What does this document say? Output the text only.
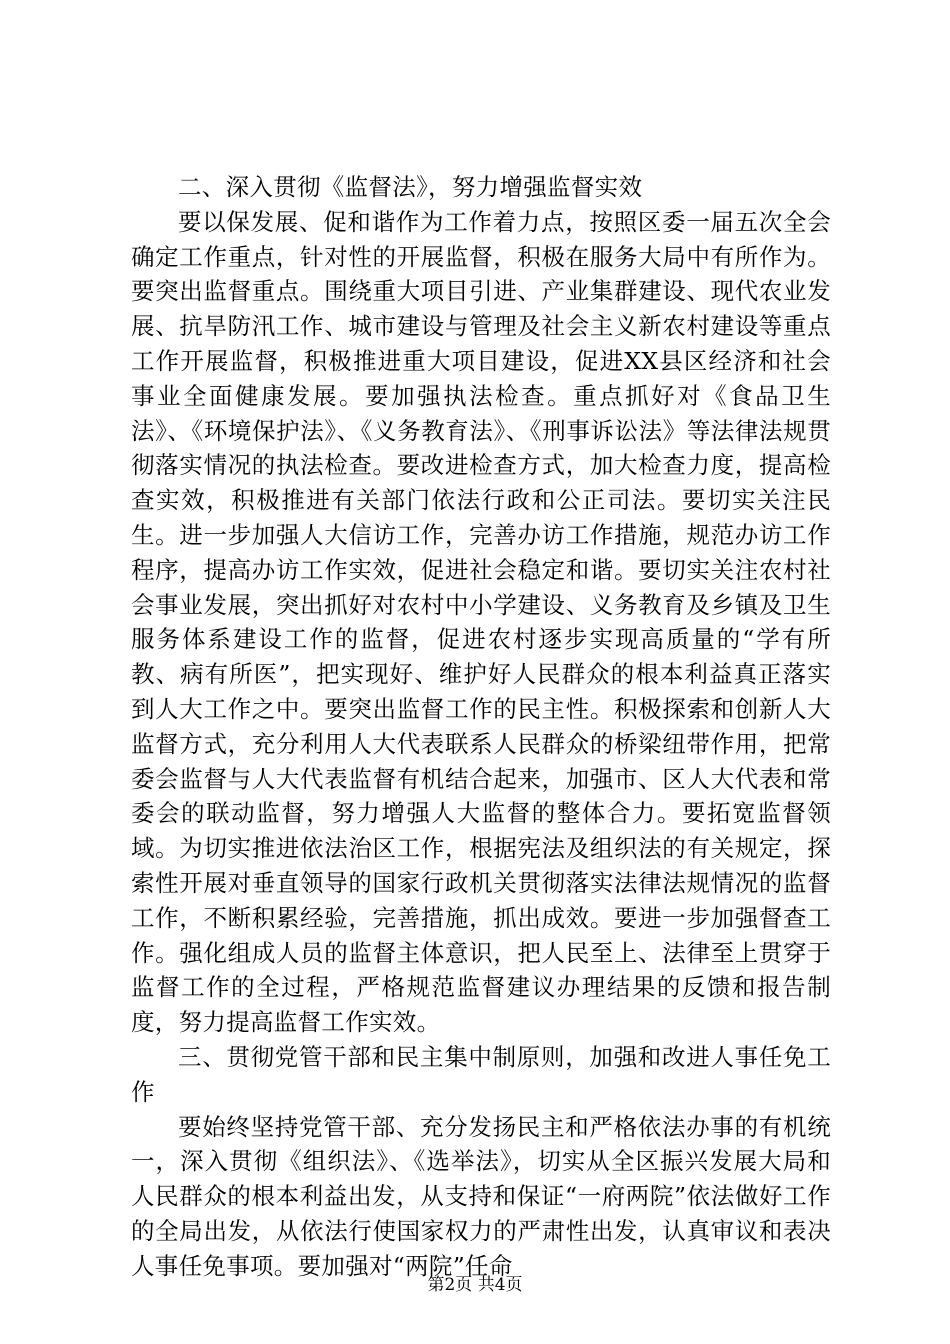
二、深入贯彻《监督法》，努力增强监督实效

要以保发展、促和谐作为工作着力点，按照区委一届五次全会确定工作重点，针对性的开展监督，积极在服务大局中有所作为。要突出监督重点。围绕重大项目引进、产业集群建设、现代农业发展、抗旱防汛工作、城市建设与管理及社会主义新农村建设等重点工作开展监督，积极推进重大项目建设，促进XX县区经济和社会事业全面健康发展。要加强执法检查。重点抓好对《食品卫生法》、《环境保护法》、《义务教育法》、《刑事诉讼法》等法律法规贯彻落实情况的执法检查。要改进检查方式，加大检查力度，提高检查实效，积极推进有关部门依法行政和公正司法。要切实关注民生。进一步加强人大信访工作，完善办访工作措施，规范办访工作程序，提高办访工作实效，促进社会稳定和谐。要切实关注农村社会事业发展，突出抓好对农村中小学建设、义务教育及乡镇及卫生服务体系建设工作的监督，促进农村逐步实现高质量的“学有所教、病有所医”，把实现好、维护好人民群众的根本利益真正落实到人大工作之中。要突出监督工作的民主性。积极探索和创新人大监督方式，充分利用人大代表联系人民群众的桥梁纽带作用，把常委会监督与人大代表监督有机结合起来，加强市、区人大代表和常委会的联动监督，努力增强人大监督的整体合力。要拓宽监督领域。为切实推进依法治区工作，根据宪法及组织法的有关规定，探索性开展对垂直领导的国家行政机关贯彻落实法律法规情况的监督工作，不断积累经验，完善措施，抓出成效。要进一步加强督查工作。强化组成人员的监督主体意识，把人民至上、法律至上贯穿于监督工作的全过程，严格规范监督建议办理结果的反馈和报告制度，努力提高监督工作实效。

三、贯彻党管干部和民主集中制原则，加强和改进人事任免工作

要始终坚持党管干部、充分发扬民主和严格依法办事的有机统一，深入贯彻《组织法》、《选举法》，切实从全区振兴发展大局和人民群众的根本利益出发，从支持和保证“一府两院”依法做好工作的全局出发，从依法行使国家权力的严肃性出发，认真审议和表决人事任免事项。要加强对“两院”任命

第2页 共4页
